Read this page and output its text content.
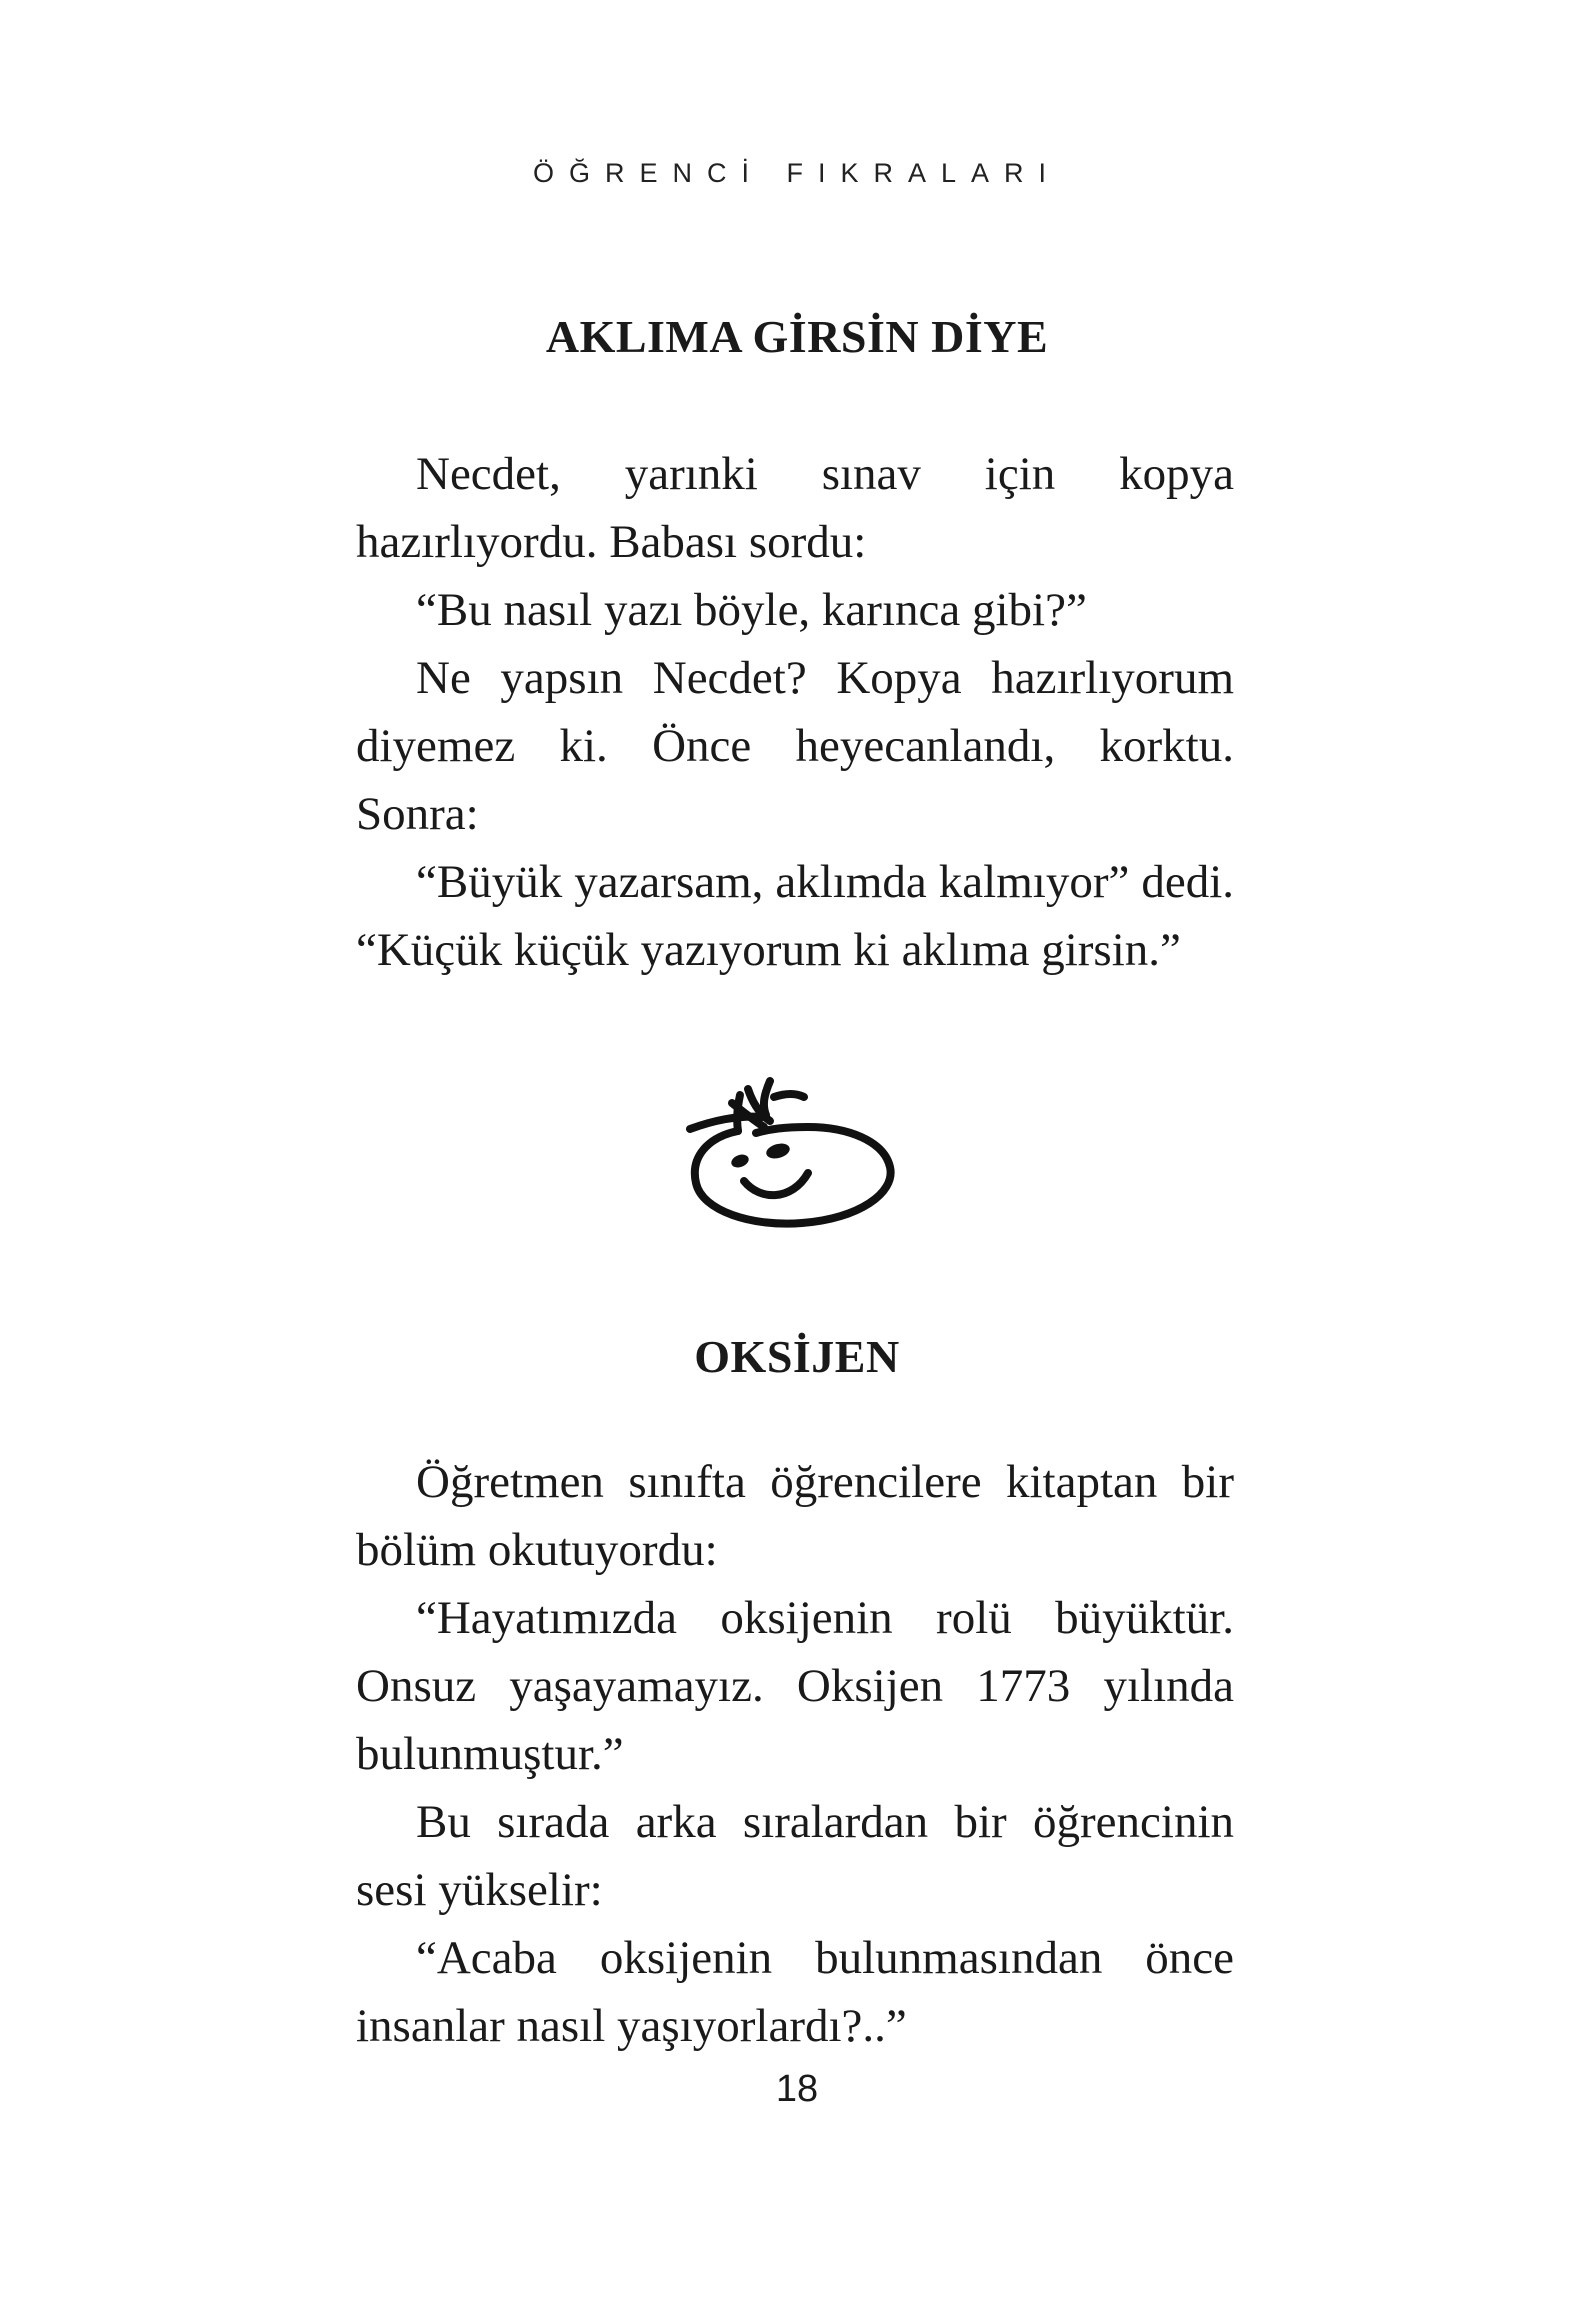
ÖĞRENCİ FIKRALARI
AKLIMA GİRSİN DİYE

Necdet, yarınki sınav için kopya hazırlıyordu. Babası sordu:

“Bu nasıl yazı böyle, karınca gibi?”

Ne yapsın Necdet? Kopya hazırlıyorum diyemez ki. Önce heyecanlandı, korktu. Sonra:

“Büyük yazarsam, aklımda kalmıyor” dedi. “Küçük küçük yazıyorum ki aklıma girsin.”

OKSİJEN

Öğretmen sınıfta öğrencilere kitaptan bir bölüm okutuyordu:

“Hayatımızda oksijenin rolü büyüktür. Onsuz yaşayamayız. Oksijen 1773 yılında bulunmuştur.”

Bu sırada arka sıralardan bir öğrencinin sesi yükselir:

“Acaba oksijenin bulunmasından önce insanlar nasıl yaşıyorlardı?..”

18
